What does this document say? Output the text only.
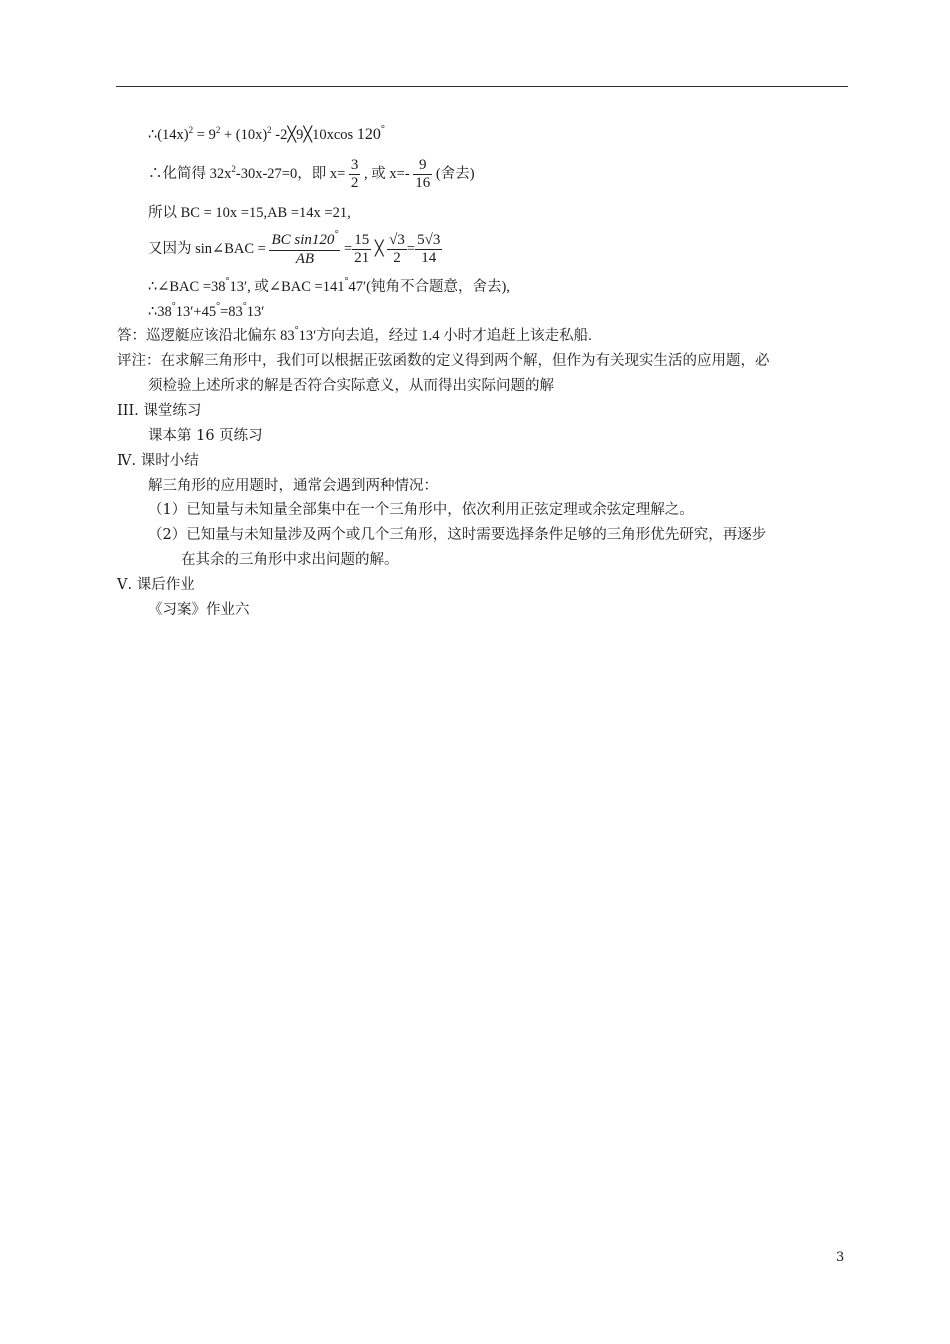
$\therefore(14x)^2 = 9^2 + (10x)^2$ -2╳9╳10xcos 120°
∴化简得 $32x^2-30x-27=0$，即 $x= \frac{3}{2}$ , 或 $x=- \frac{9}{16}$ (舍去)
所以 BC = 10x =15,AB =14x =21,
又因为 sin∠BAC = $\frac{BC \sin 120^\circ}{AB} = \frac{15}{21}$ ╳ $\frac{√3}{2} = \frac{5√3}{14}$
∴∠BAC =38°13′, 或∠BAC =141°47′(钝角不合题意，舍去),
∴38°13′+45°=83°13′
答：巡逻艇应该沿北偏东 83°13′方向去追，经过 1.4 小时才追赶上该走私船.
评注：在求解三角形中，我们可以根据正弦函数的定义得到两个解，但作为有关现实生活的应用题，必
须检验上述所求的解是否符合实际意义，从而得出实际问题的解
III. 课堂练习
课本第 16 页练习
Ⅳ. 课时小结
解三角形的应用题时，通常会遇到两种情况：
（1）已知量与未知量全部集中在一个三角形中，依次利用正弦定理或余弦定理解之。
（2）已知量与未知量涉及两个或几个三角形，这时需要选择条件足够的三角形优先研究，再逐步
在其余的三角形中求出问题的解。
Ⅴ. 课后作业
《习案》作业六
3
